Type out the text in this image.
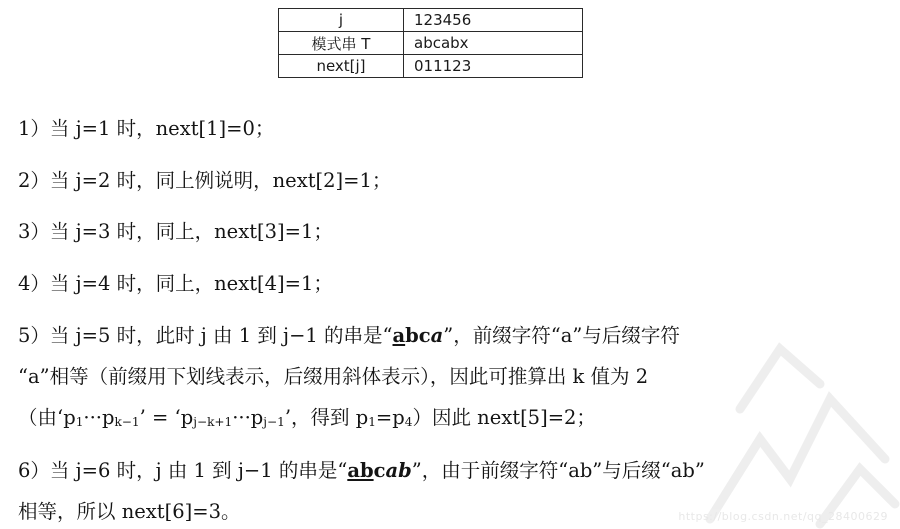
j	123456
模式串 T	abcabx
next[j]	011123
1）当 j=1 时，next[1]=0；
2）当 j=2 时，同上例说明，next[2]=1；
3）当 j=3 时，同上，next[3]=1；
4）当 j=4 时，同上，next[4]=1；
5）当 j=5 时，此时 j 由 1 到 j−1 的串是“abca”，前缀字符“a”与后缀字符
“a”相等（前缀用下划线表示，后缀用斜体表示），因此可推算出 k 值为 2
（由‘$p_1\cdot\cdot\cdot p_{k-1}$’ = ‘$p_{j-k+1}\cdot\cdot\cdot p_{j-1}$’，得到 $p_1=p_4$）因此 next[5]=2；
6）当 j=6 时，j 由 1 到 j−1 的串是“abcab”，由于前缀字符“ab”与后缀“ab”
相等，所以 next[6]=3。	https://blog.csdn.net/qq_28400629
